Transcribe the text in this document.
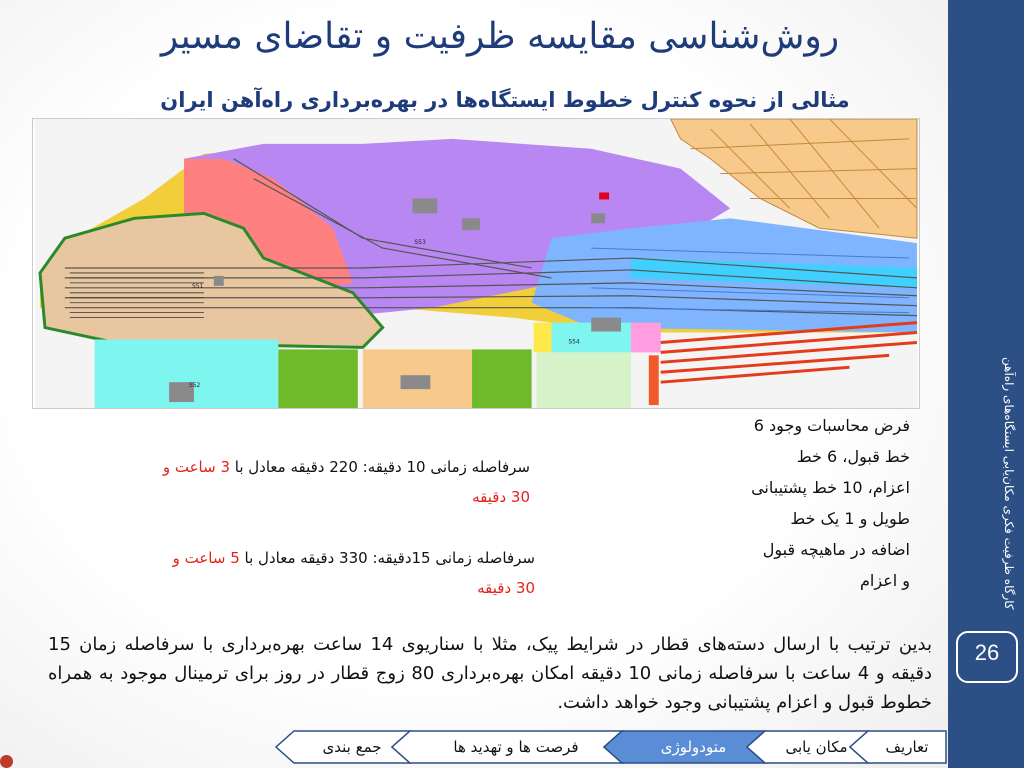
کارگاه ظرفیت فکری مکان‌یابی ایستگاه‌های راه‌آهن
26
روش‌شناسی مقایسه ظرفیت و تقاضای مسیر
مثالی از نحوه کنترل خطوط ایستگاه‌ها در بهره‌برداری راه‌آهن ایران
S53
S51
S54
S52
فرض محاسبات وجود 6
خط قبول، 6 خط
اعزام، 10 خط پشتیبانی
طویل و 1 یک خط
اضافه در ماهیچه قبول
و اعزام
سرفاصله زمانی 10 دقیقه: 220 دقیقه معادل با 3 ساعت و
30 دقیقه
سرفاصله زمانی 15دقیقه: 330 دقیقه معادل با 5 ساعت و
30 دقیقه
بدین ترتیب با ارسال دسته‌های قطار در شرایط پیک، مثلا با سناریوی 14 ساعت بهره‌برداری با سرفاصله زمان 15 دقیقه و 4 ساعت با سرفاصله زمانی 10 دقیقه امکان بهره‌برداری 80 زوج قطار در روز برای ترمینال موجود به همراه خطوط قبول و اعزام پشتیبانی وجود خواهد داشت.
تعاریف
مکان یابی
متودولوژی
فرصت ها و تهدید ها
جمع بندی
